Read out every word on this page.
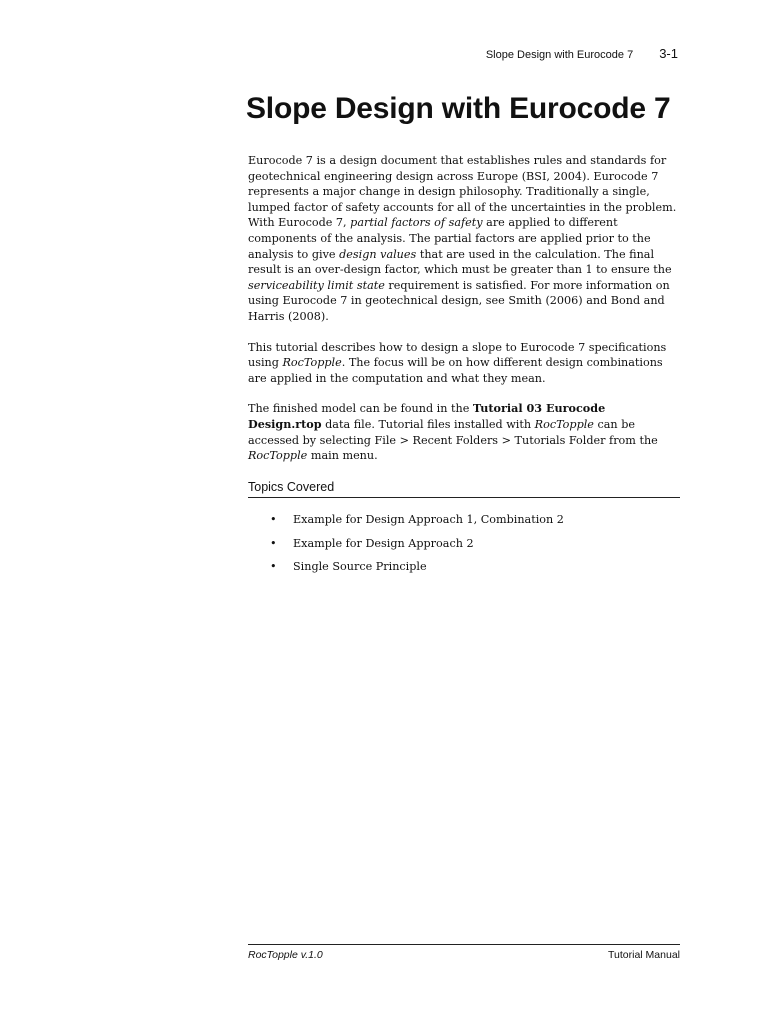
Slope Design with Eurocode 7 3-1
Slope Design with Eurocode 7

Eurocode 7 is a design document that establishes rules and standards for geotechnical engineering design across Europe (BSI, 2004). Eurocode 7 represents a major change in design philosophy. Traditionally a single, lumped factor of safety accounts for all of the uncertainties in the problem. With Eurocode 7, partial factors of safety are applied to different components of the analysis. The partial factors are applied prior to the analysis to give design values that are used in the calculation. The final result is an over-design factor, which must be greater than 1 to ensure the serviceability limit state requirement is satisfied. For more information on using Eurocode 7 in geotechnical design, see Smith (2006) and Bond and Harris (2008).

This tutorial describes how to design a slope to Eurocode 7 specifications using RocTopple. The focus will be on how different design combinations are applied in the computation and what they mean.

The finished model can be found in the Tutorial 03 Eurocode Design.rtop data file. Tutorial files installed with RocTopple can be accessed by selecting File > Recent Folders > Tutorials Folder from the RocTopple main menu.

Topics Covered
•	Example for Design Approach 1, Combination 2
•	Example for Design Approach 2
•	Single Source Principle
RocTopple v.1.0	Tutorial Manual
